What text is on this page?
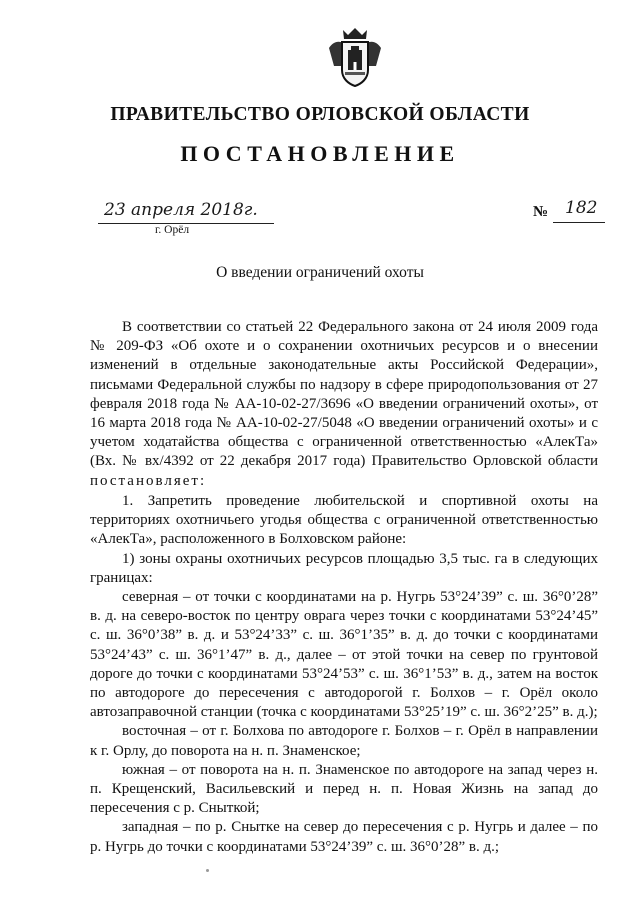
ПРАВИТЕЛЬСТВО ОРЛОВСКОЙ ОБЛАСТИ
ПОСТАНОВЛЕНИЕ
23 апреля 2018г.
г. Орёл
№ 182
О введении ограничений охоты

В соответствии со статьей 22 Федерального закона от 24 июля 2009 года № 209-ФЗ «Об охоте и о сохранении охотничьих ресурсов и о внесении изменений в отдельные законодательные акты Российской Федерации», письмами Федеральной службы по надзору в сфере природопользования от 27 февраля 2018 года № АА-10-02-27/3696 «О введении ограничений охоты», от 16 марта 2018 года № АА-10-02-27/5048 «О введении ограничений охоты» и с учетом ходатайства общества с ограниченной ответственностью «АлекТа» (Вх. № вх/4392 от 22 декабря 2017 года) Правительство Орловской области постановляет:

1. Запретить проведение любительской и спортивной охоты на территориях охотничьего угодья общества с ограниченной ответственностью «АлекТа», расположенного в Болховском районе:

1) зоны охраны охотничьих ресурсов площадью 3,5 тыс. га в следующих границах:

северная – от точки с координатами на р. Нугрь 53°24’39” с. ш. 36°0’28” в. д. на северо-восток по центру оврага через точки с координатами 53°24’45” с. ш. 36°0’38” в. д. и 53°24’33” с. ш. 36°1’35” в. д. до точки с координатами 53°24’43” с. ш. 36°1’47” в. д., далее – от этой точки на север по грунтовой дороге до точки с координатами 53°24’53” с. ш. 36°1’53” в. д., затем на восток по автодороге до пересечения с автодорогой г. Болхов – г. Орёл около автозаправочной станции (точка с координатами 53°25’19” с. ш. 36°2’25” в. д.);

восточная – от г. Болхова по автодороге г. Болхов – г. Орёл в направлении к г. Орлу, до поворота на н. п. Знаменское;

южная – от поворота на н. п. Знаменское по автодороге на запад через н. п. Крещенский, Васильевский и перед н. п. Новая Жизнь на запад до пересечения с р. Сныткой;

западная – по р. Сныткe на север до пересечения с р. Нугрь и далее – по р. Нугрь до точки с координатами 53°24’39” с. ш. 36°0’28” в. д.;
